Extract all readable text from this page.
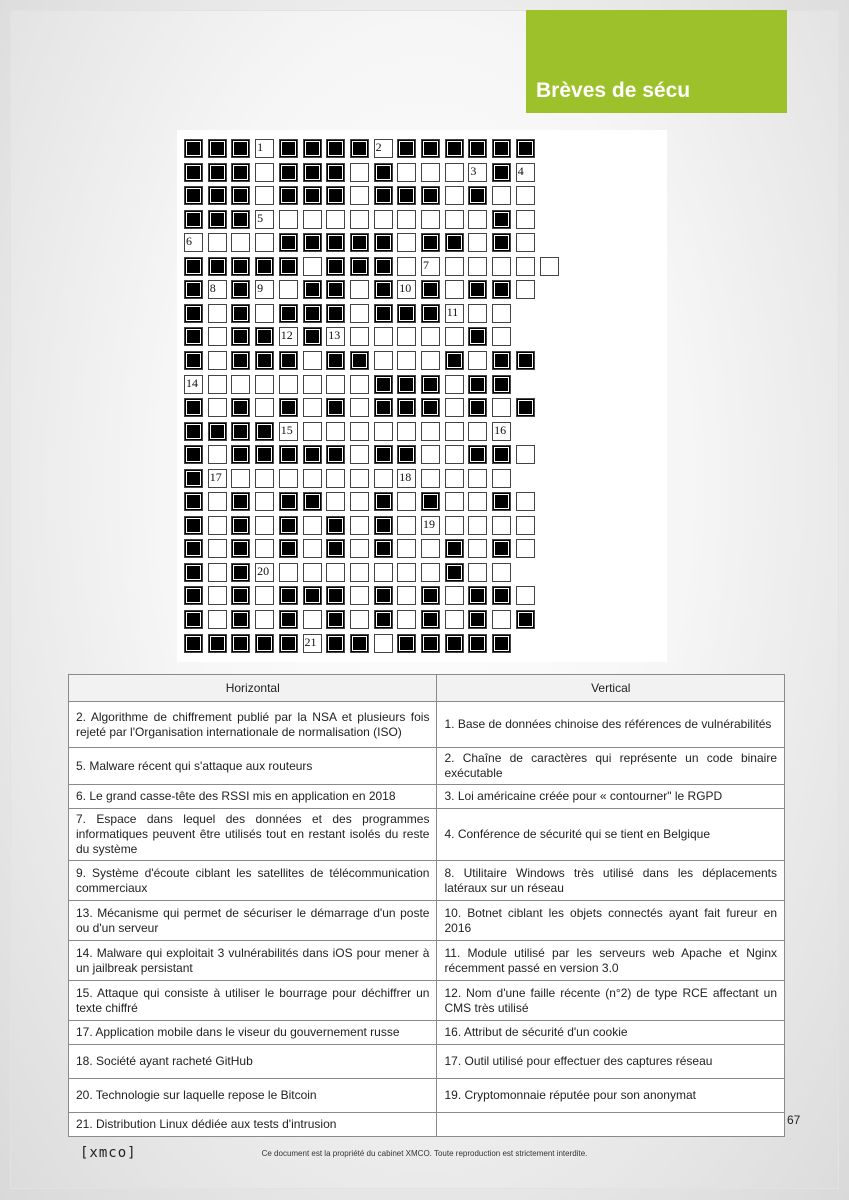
Brèves de sécu
1	2
3	4
5
6
7
8	9	10
11
12	13
14
15	16
17	18
19
20
21
Horizontal	Vertical
2. Algorithme de chiffrement publié par la NSA et plusieurs fois rejeté par l'Organisation internationale de normalisation (ISO)	1. Base de données chinoise des références de vulnérabilités
5. Malware récent qui s'attaque aux routeurs	2. Chaîne de caractères qui représente un code binaire exécutable
6. Le grand casse-tête des RSSI mis en application en 2018	3. Loi américaine créée pour « contourner" le RGPD
7. Espace dans lequel des données et des programmes informatiques peuvent être utilisés tout en restant isolés du reste du système	4. Conférence de sécurité qui se tient en Belgique
9. Système d'écoute ciblant les satellites de télécommunication commerciaux	8. Utilitaire Windows très utilisé dans les déplacements latéraux sur un réseau
13. Mécanisme qui permet de sécuriser le démarrage d'un poste ou d'un serveur	10. Botnet ciblant les objets connectés ayant fait fureur en 2016
14. Malware qui exploitait 3 vulnérabilités dans iOS pour mener à un jailbreak persistant	11. Module utilisé par les serveurs web Apache et Nginx récemment passé en version 3.0
15. Attaque qui consiste à utiliser le bourrage pour déchiffrer un texte chiffré	12. Nom d'une faille récente (n°2) de type RCE affectant un CMS très utilisé
17. Application mobile dans le viseur du gouvernement russe	16. Attribut de sécurité d'un cookie
18. Société ayant racheté GitHub	17. Outil utilisé pour effectuer des captures réseau
20. Technologie sur laquelle repose le Bitcoin	19. Cryptomonnaie réputée pour son anonymat
21. Distribution Linux dédiée aux tests d'intrusion		67
[xmco]	Ce document est la propriété du cabinet XMCO. Toute reproduction est strictement interdite.
